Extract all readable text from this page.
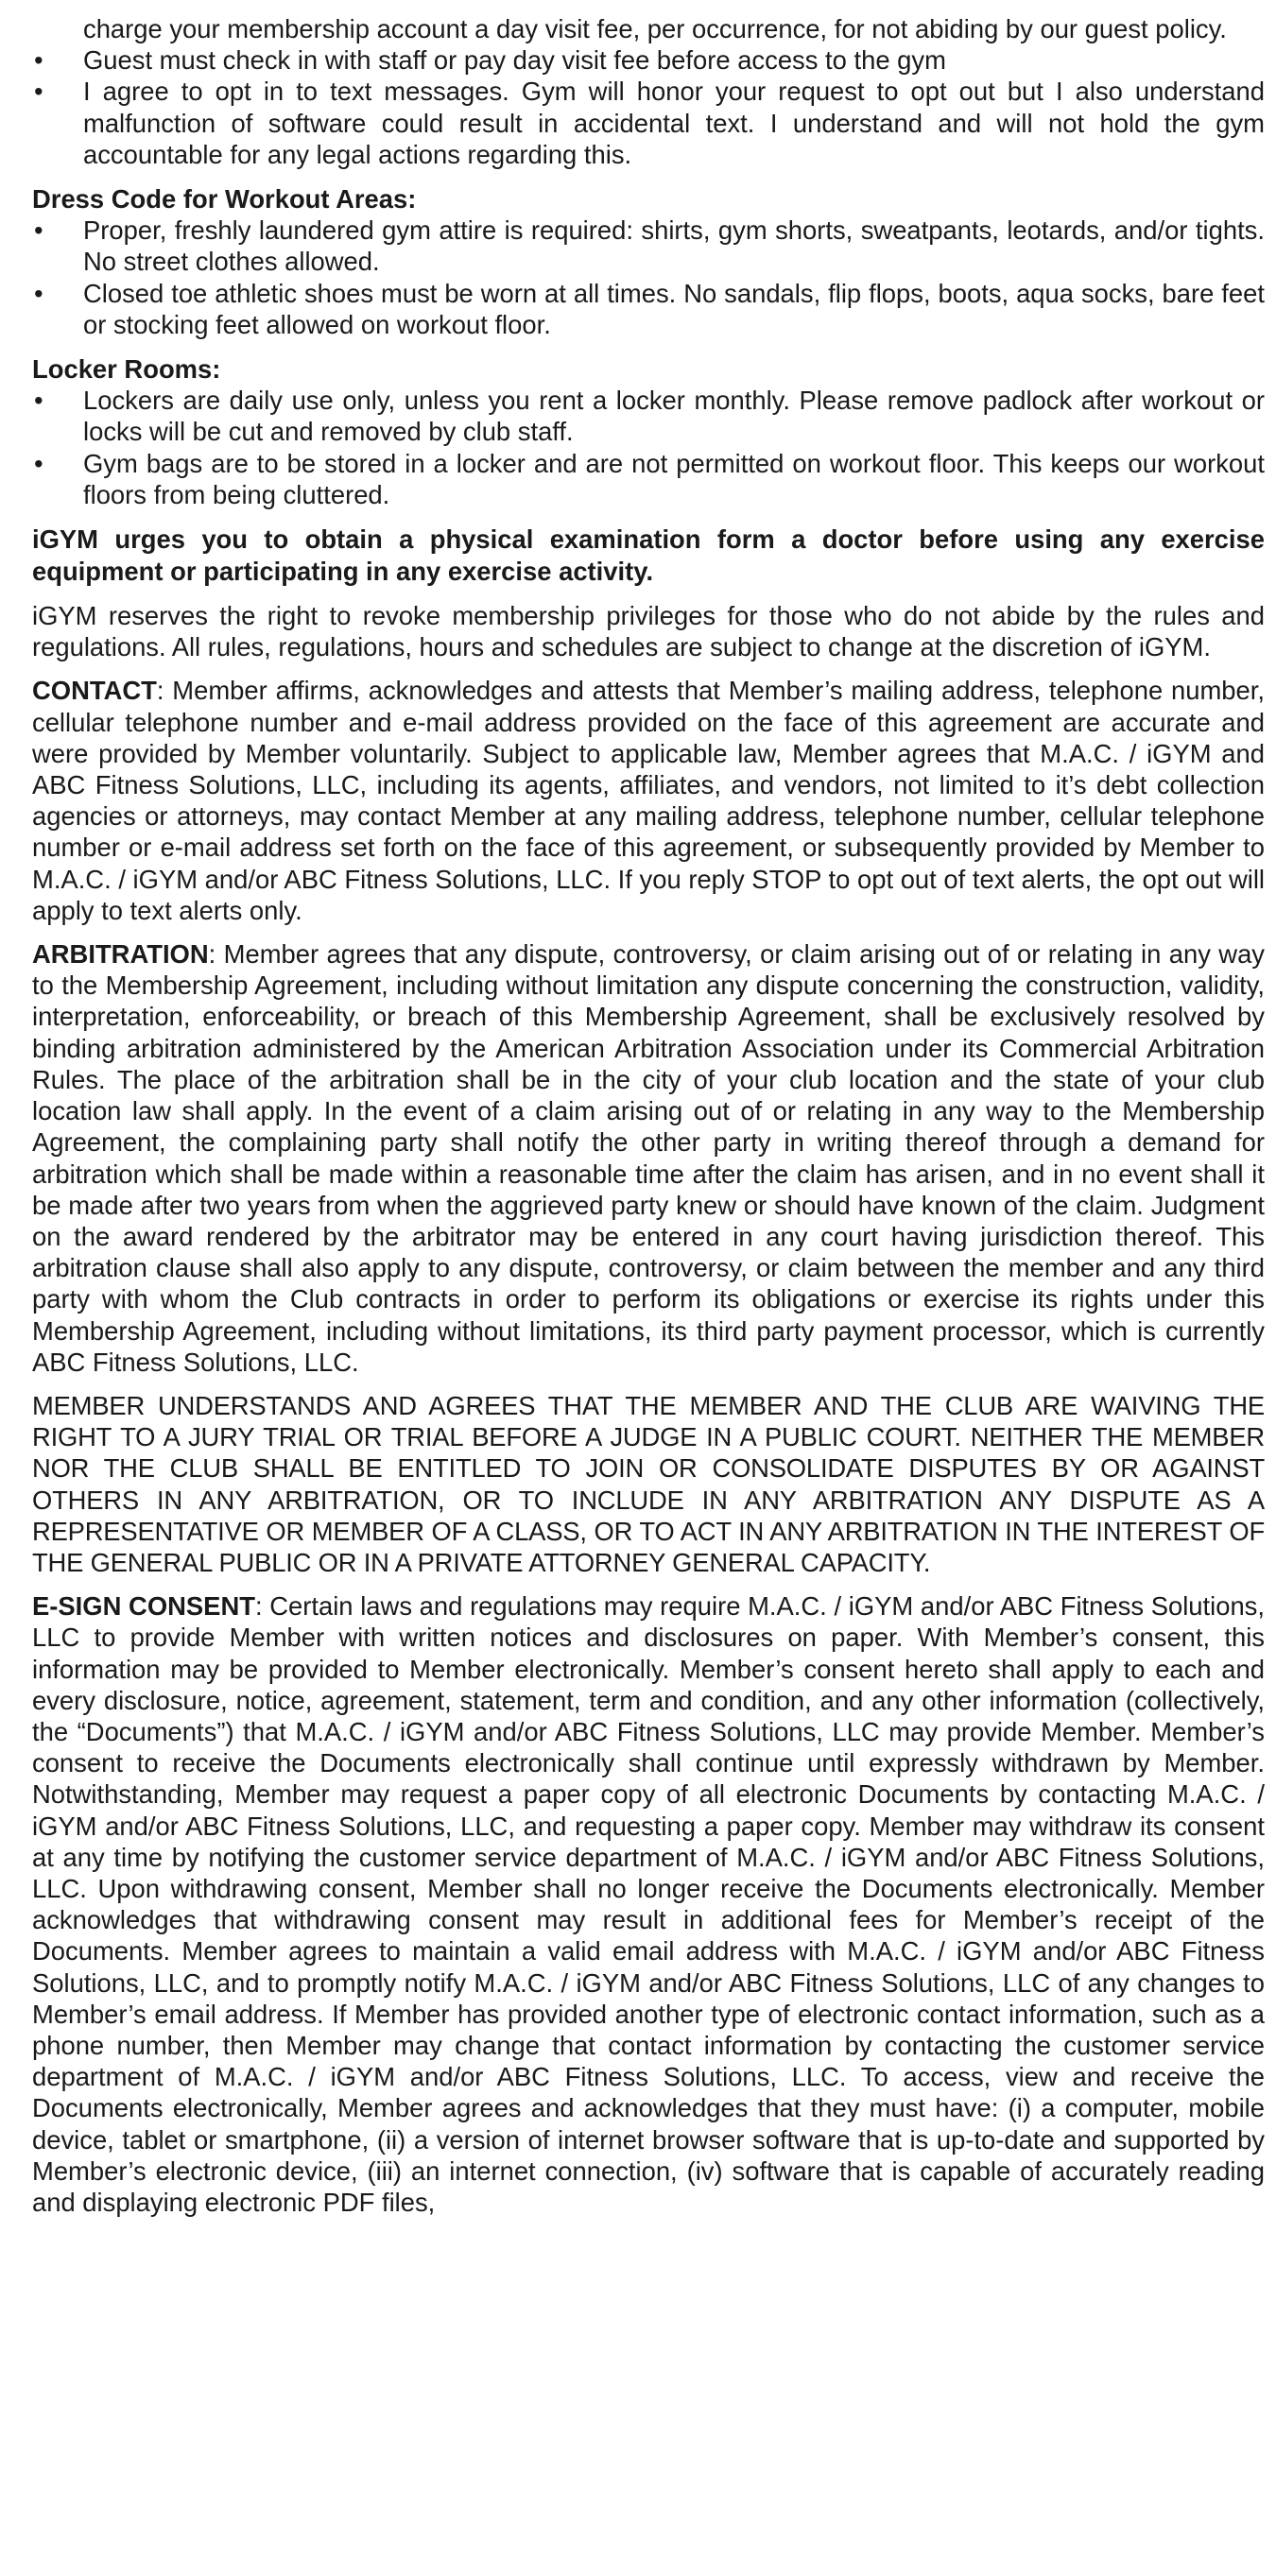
charge your membership account a day visit fee, per occurrence, for not abiding by our guest policy.

• Guest must check in with staff or pay day visit fee before access to the gym
• I agree to opt in to text messages. Gym will honor your request to opt out but I also understand malfunction of software could result in accidental text. I understand and will not hold the gym accountable for any legal actions regarding this.

Dress Code for Workout Areas:

• Proper, freshly laundered gym attire is required: shirts, gym shorts, sweatpants, leotards, and/or tights. No street clothes allowed.
• Closed toe athletic shoes must be worn at all times. No sandals, flip flops, boots, aqua socks, bare feet or stocking feet allowed on workout floor.

Locker Rooms:

• Lockers are daily use only, unless you rent a locker monthly. Please remove padlock after workout or locks will be cut and removed by club staff.
• Gym bags are to be stored in a locker and are not permitted on workout floor. This keeps our workout floors from being cluttered.

iGYM urges you to obtain a physical examination form a doctor before using any exercise equipment or participating in any exercise activity.

iGYM reserves the right to revoke membership privileges for those who do not abide by the rules and regulations. All rules, regulations, hours and schedules are subject to change at the discretion of iGYM.

CONTACT: Member affirms, acknowledges and attests that Member’s mailing address, telephone number, cellular telephone number and e-mail address provided on the face of this agreement are accurate and were provided by Member voluntarily. Subject to applicable law, Member agrees that M.A.C. / iGYM and ABC Fitness Solutions, LLC, including its agents, affiliates, and vendors, not limited to it’s debt collection agencies or attorneys, may contact Member at any mailing address, telephone number, cellular telephone number or e-mail address set forth on the face of this agreement, or subsequently provided by Member to M.A.C. / iGYM and/or ABC Fitness Solutions, LLC. If you reply STOP to opt out of text alerts, the opt out will apply to text alerts only.

ARBITRATION: Member agrees that any dispute, controversy, or claim arising out of or relating in any way to the Membership Agreement, including without limitation any dispute concerning the construction, validity, interpretation, enforceability, or breach of this Membership Agreement, shall be exclusively resolved by binding arbitration administered by the American Arbitration Association under its Commercial Arbitration Rules. The place of the arbitration shall be in the city of your club location and the state of your club location law shall apply. In the event of a claim arising out of or relating in any way to the Membership Agreement, the complaining party shall notify the other party in writing thereof through a demand for arbitration which shall be made within a reasonable time after the claim has arisen, and in no event shall it be made after two years from when the aggrieved party knew or should have known of the claim. Judgment on the award rendered by the arbitrator may be entered in any court having jurisdiction thereof. This arbitration clause shall also apply to any dispute, controversy, or claim between the member and any third party with whom the Club contracts in order to perform its obligations or exercise its rights under this Membership Agreement, including without limitations, its third party payment processor, which is currently ABC Fitness Solutions, LLC.

MEMBER UNDERSTANDS AND AGREES THAT THE MEMBER AND THE CLUB ARE WAIVING THE RIGHT TO A JURY TRIAL OR TRIAL BEFORE A JUDGE IN A PUBLIC COURT. NEITHER THE MEMBER NOR THE CLUB SHALL BE ENTITLED TO JOIN OR CONSOLIDATE DISPUTES BY OR AGAINST OTHERS IN ANY ARBITRATION, OR TO INCLUDE IN ANY ARBITRATION ANY DISPUTE AS A REPRESENTATIVE OR MEMBER OF A CLASS, OR TO ACT IN ANY ARBITRATION IN THE INTEREST OF THE GENERAL PUBLIC OR IN A PRIVATE ATTORNEY GENERAL CAPACITY.

E-SIGN CONSENT: Certain laws and regulations may require M.A.C. / iGYM and/or ABC Fitness Solutions, LLC to provide Member with written notices and disclosures on paper. With Member’s consent, this information may be provided to Member electronically. Member’s consent hereto shall apply to each and every disclosure, notice, agreement, statement, term and condition, and any other information (collectively, the “Documents”) that M.A.C. / iGYM and/or ABC Fitness Solutions, LLC may provide Member. Member’s consent to receive the Documents electronically shall continue until expressly withdrawn by Member. Notwithstanding, Member may request a paper copy of all electronic Documents by contacting M.A.C. / iGYM and/or ABC Fitness Solutions, LLC, and requesting a paper copy. Member may withdraw its consent at any time by notifying the customer service department of M.A.C. / iGYM and/or ABC Fitness Solutions, LLC. Upon withdrawing consent, Member shall no longer receive the Documents electronically. Member acknowledges that withdrawing consent may result in additional fees for Member’s receipt of the Documents. Member agrees to maintain a valid email address with M.A.C. / iGYM and/or ABC Fitness Solutions, LLC, and to promptly notify M.A.C. / iGYM and/or ABC Fitness Solutions, LLC of any changes to Member’s email address. If Member has provided another type of electronic contact information, such as a phone number, then Member may change that contact information by contacting the customer service department of M.A.C. / iGYM and/or ABC Fitness Solutions, LLC. To access, view and receive the Documents electronically, Member agrees and acknowledges that they must have: (i) a computer, mobile device, tablet or smartphone, (ii) a version of internet browser software that is up-to-date and supported by Member’s electronic device, (iii) an internet connection, (iv) software that is capable of accurately reading and displaying electronic PDF files,
